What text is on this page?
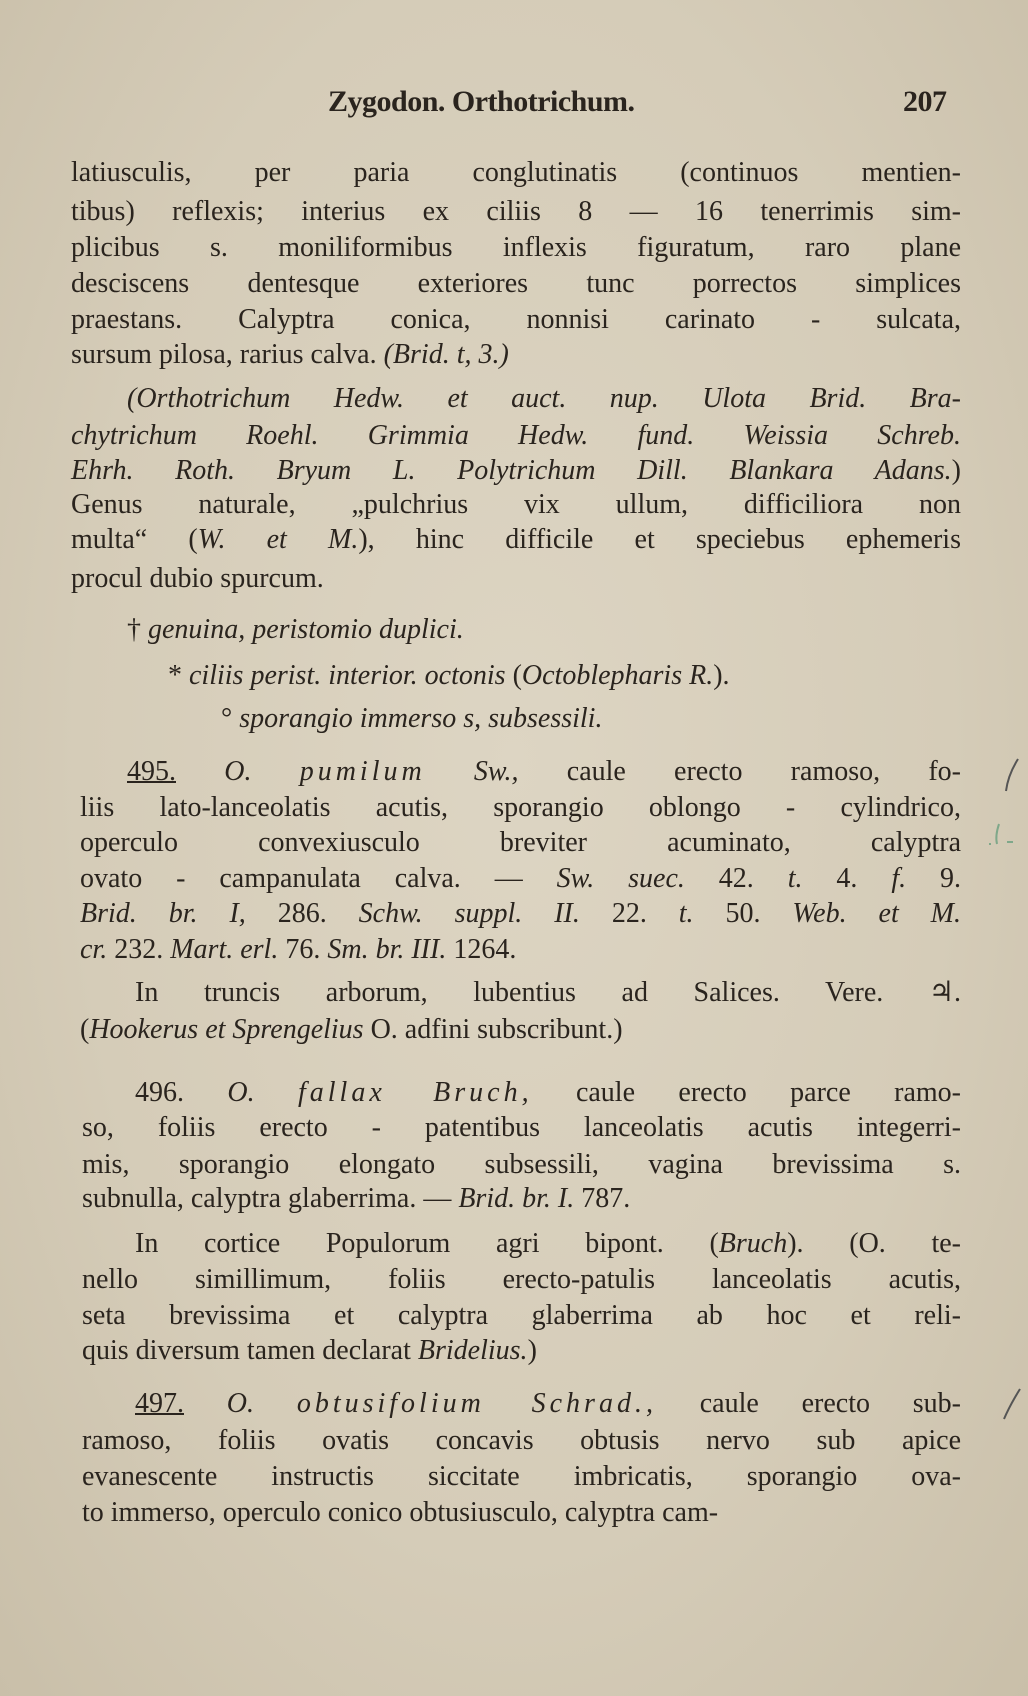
Zygodon. Orthotrichum.	207
latiusculis, per paria conglutinatis (continuos mentien-
tibus) reflexis; interius ex ciliis 8 — 16 tenerrimis sim-
plicibus s. moniliformibus inflexis figuratum, raro plane
desciscens dentesque exteriores tunc porrectos simplices
praestans. Calyptra conica, nonnisi carinato - sulcata,
sursum pilosa, rarius calva. (Brid. t, 3.)
(Orthotrichum Hedw. et auct. nup. Ulota Brid. Bra-
chytrichum Roehl. Grimmia Hedw. fund. Weissia Schreb.
Ehrh. Roth. Bryum L. Polytrichum Dill. Blankara Adans.)
Genus naturale, „pulchrius vix ullum, difficiliora non
multa“ (W. et M.), hinc difficile et speciebus ephemeris
procul dubio spurcum.
† genuina, peristomio duplici.
* ciliis perist. interior. octonis (Octoblepharis R.).
° sporangio immerso s, subsessili.
495. O. pumilum Sw., caule erecto ramoso, fo-
liis lato-lanceolatis acutis, sporangio oblongo - cylindrico,
operculo convexiusculo breviter acuminato, calyptra
ovato - campanulata calva. — Sw. suec. 42. t. 4. f. 9.
Brid. br. I, 286. Schw. suppl. II. 22. t. 50. Web. et M.
cr. 232. Mart. erl. 76. Sm. br. III. 1264.
In truncis arborum, lubentius ad Salices. Vere. ♃.
(Hookerus et Sprengelius O. adfini subscribunt.)
496. O. fallax Bruch, caule erecto parce ramo-
so, foliis erecto - patentibus lanceolatis acutis integerri-
mis, sporangio elongato subsessili, vagina brevissima s.
subnulla, calyptra glaberrima. — Brid. br. I. 787.
In cortice Populorum agri bipont. (Bruch). (O. te-
nello simillimum, foliis erecto-patulis lanceolatis acutis,
seta brevissima et calyptra glaberrima ab hoc et reli-
quis diversum tamen declarat Bridelius.)
497. O. obtusifolium Schrad., caule erecto sub-
ramoso, foliis ovatis concavis obtusis nervo sub apice
evanescente instructis siccitate imbricatis, sporangio ova-
to immerso, operculo conico obtusiusculo, calyptra cam-
